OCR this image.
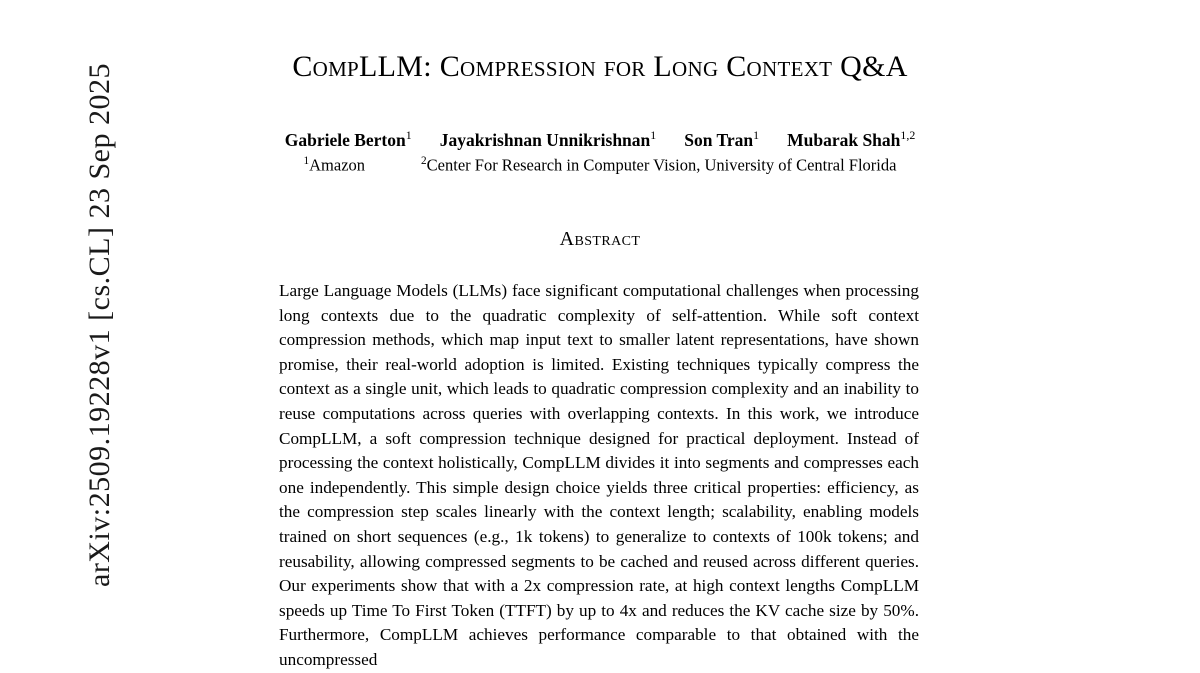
arXiv:2509.19228v1 [cs.CL] 23 Sep 2025	CompLLM: Compression for Long Context Q&A
Gabriele Berton$^1$ Jayakrishnan Unnikrishnan$^1$ Son Tran$^1$ Mubarak Shah$^{1,2}$
$^1$Amazon	$^2$Center For Research in Computer Vision, University of Central Florida
Abstract

Large Language Models (LLMs) face significant computational challenges when processing long contexts due to the quadratic complexity of self-attention. While soft context compression methods, which map input text to smaller latent representations, have shown promise, their real-world adoption is limited. Existing techniques typically compress the context as a single unit, which leads to quadratic compression complexity and an inability to reuse computations across queries with overlapping contexts. In this work, we introduce CompLLM, a soft compression technique designed for practical deployment. Instead of processing the context holistically, CompLLM divides it into segments and compresses each one independently. This simple design choice yields three critical properties: efficiency, as the compression step scales linearly with the context length; scalability, enabling models trained on short sequences (e.g., 1k tokens) to generalize to contexts of 100k tokens; and reusability, allowing compressed segments to be cached and reused across different queries. Our experiments show that with a 2x compression rate, at high context lengths CompLLM speeds up Time To First Token (TTFT) by up to 4x and reduces the KV cache size by 50%. Furthermore, CompLLM achieves performance comparable to that obtained with the uncompressed
